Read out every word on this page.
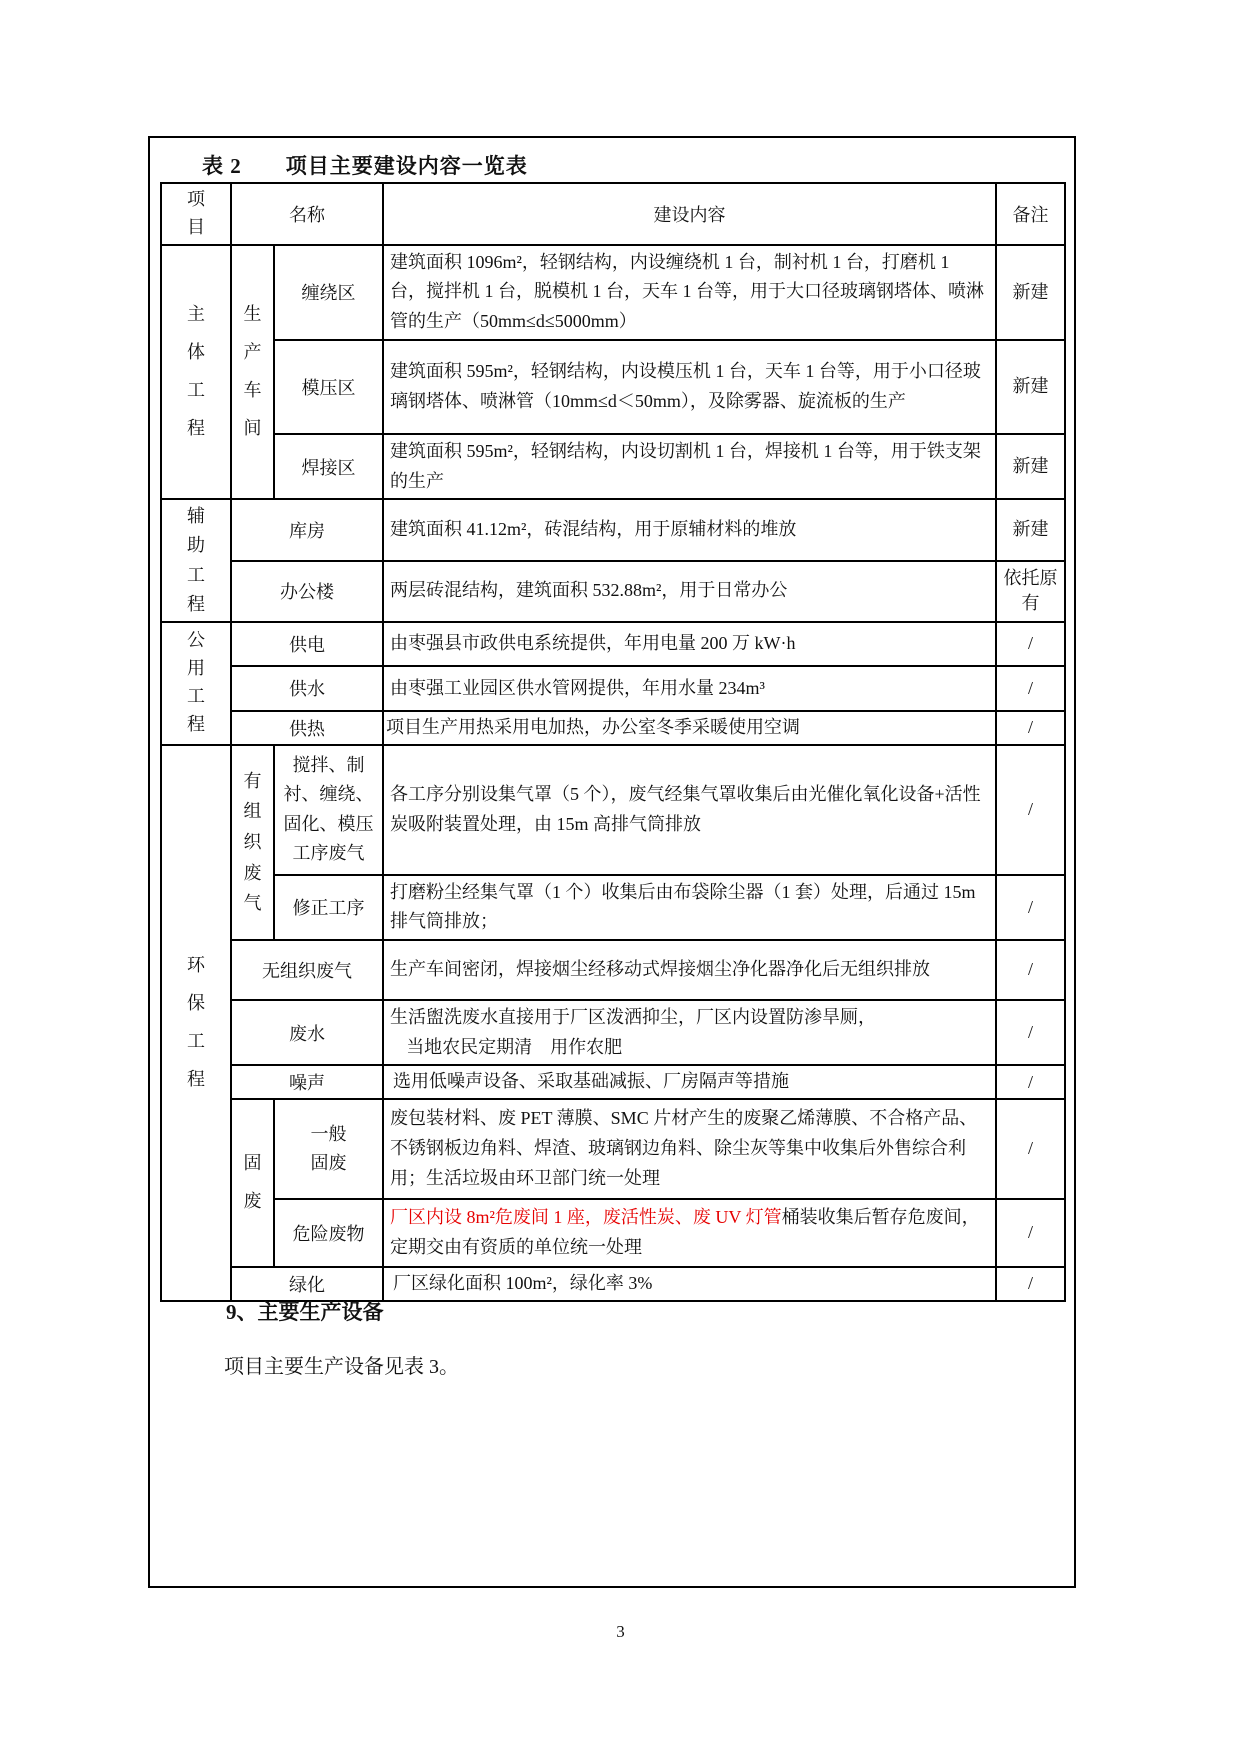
表 2　　项目主要建设内容一览表
项目	名称		建设内容	备注
主体工程	生产车间	缠绕区	建筑面积 1096m²，轻钢结构，内设缠绕机 1 台，制衬机 1 台，打磨机 1 台，搅拌机 1 台，脱模机 1 台，天车 1 台等，用于大口径玻璃钢塔体、喷淋管的生产（50mm≤d≤5000mm）	新建
		模压区	建筑面积 595m²，轻钢结构，内设模压机 1 台，天车 1 台等，用于小口径玻璃钢塔体、喷淋管（10mm≤d＜50mm），及除雾器、旋流板的生产	新建
		焊接区	建筑面积 595m²，轻钢结构，内设切割机 1 台，焊接机 1 台等，用于铁支架的生产	新建
辅助工程	库房		建筑面积 41.12m²，砖混结构，用于原辅材料的堆放	新建
	办公楼		两层砖混结构，建筑面积 532.88m²，用于日常办公	依托原有
公用工程	供电		由枣强县市政供电系统提供，年用电量 200 万 kW·h	/
	供水		由枣强工业园区供水管网提供，年用水量 234m³	/
	供热		项目生产用热采用电加热，办公室冬季采暖使用空调	/
环保工程	有组织废气	搅拌、制衬、缠绕、固化、模压工序废气	各工序分别设集气罩（5 个），废气经集气罩收集后由光催化氧化设备+活性炭吸附装置处理，由 15m 高排气筒排放	/
		修正工序	打磨粉尘经集气罩（1 个）收集后由布袋除尘器（1 套）处理，后通过 15m 排气筒排放；	/
	无组织废气		生产车间密闭，焊接烟尘经移动式焊接烟尘净化器净化后无组织排放	/
	废水		生活盥洗废水直接用于厂区泼洒抑尘，厂区内设置防渗旱厕，
当地农民定期清　用作农肥	/
	噪声		选用低噪声设备、采取基础减振、厂房隔声等措施	/
	固废	一般固废	废包装材料、废 PET 薄膜、SMC 片材产生的废聚乙烯薄膜、不合格产品、不锈钢板边角料、焊渣、玻璃钢边角料、除尘灰等集中收集后外售综合利用；生活垃圾由环卫部门统一处理	/
		危险废物	厂区内设 8m²危废间 1 座，废活性炭、废 UV 灯管桶装收集后暂存危废间，定期交由有资质的单位统一处理	/
	绿化		厂区绿化面积 100m²，绿化率 3%	/
9、主要生产设备
项目主要生产设备见表 3。
3
